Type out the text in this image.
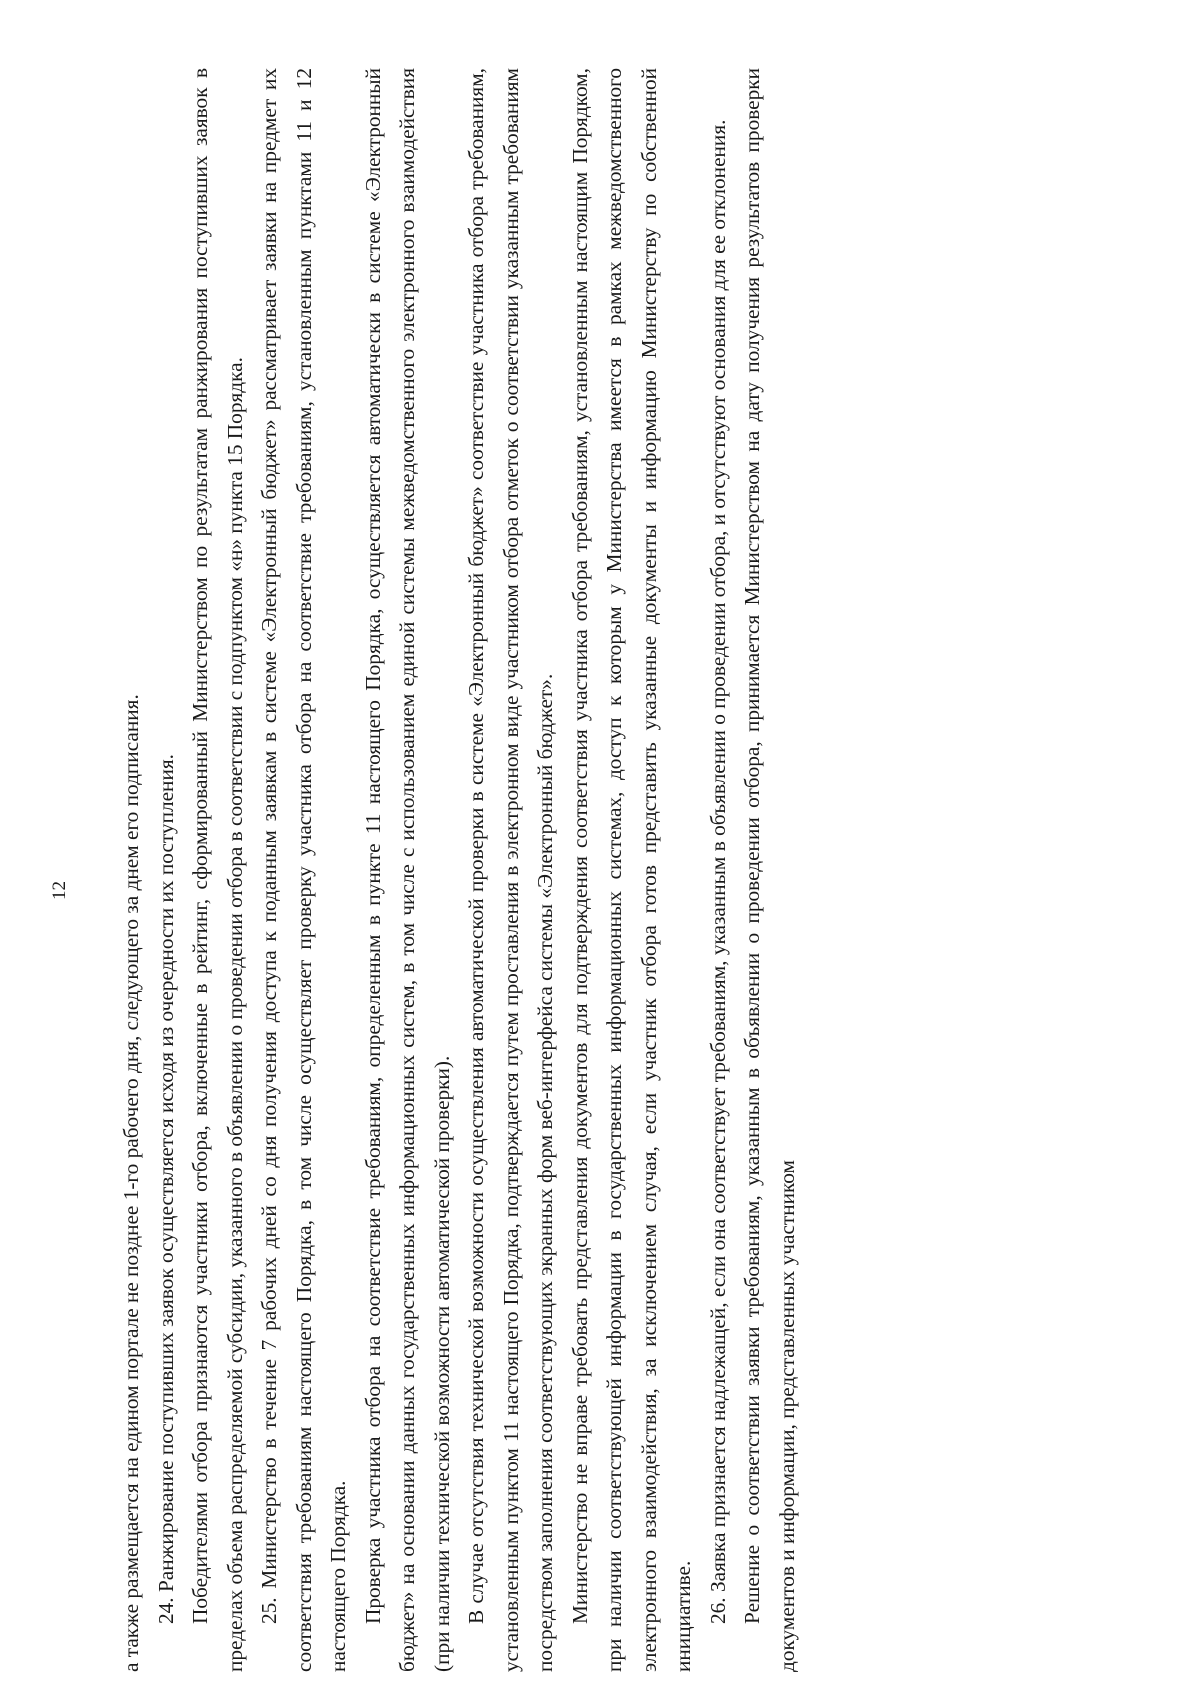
12 а также размещается на едином портале не позднее 1-го рабочего дня, следующего за днем его подписания. 24. Ранжирование поступивших заявок осуществляется исходя из очередности их поступления. Победителями отбора признаются участники отбора, включенные в рейтинг, сформированный Министерством по результатам ранжирования поступивших заявок в пределах объема распределяемой субсидии, указанного в объявлении о проведении отбора в соответствии с подпунктом «н» пункта 15 Порядка. 25. Министерство в течение 7 рабочих дней со дня получения доступа к поданным заявкам в системе «Электронный бюджет» рассматривает заявки на предмет их соответствия требованиям настоящего Порядка, в том числе осуществляет проверку участника отбора на соответствие требованиям, установленным пунктами 11 и 12 настоящего Порядка. Проверка участника отбора на соответствие требованиям, определенным в пункте 11 настоящего Порядка, осуществляется автоматически в системе «Электронный бюджет» на основании данных государственных информационных систем, в том числе с использованием единой системы межведомственного электронного взаимодействия (при наличии технической возможности автоматической проверки). В случае отсутствия технической возможности осуществления автоматической проверки в системе «Электронный бюджет» соответствие участника отбора требованиям, установленным пунктом 11 настоящего Порядка, подтверждается путем проставления в электронном виде участником отбора отметок о соответствии указанным требованиям посредством заполнения соответствующих экранных форм веб-интерфейса системы «Электронный бюджет». Министерство не вправе требовать представления документов для подтверждения соответствия участника отбора требованиям, установленным настоящим Порядком, при наличии соответствующей информации в государственных информационных системах, доступ к которым у Министерства имеется в рамках межведомственного электронного взаимодействия, за исключением случая, если участник отбора готов представить указанные документы и информацию Министерству по собственной инициативе. 26. Заявка признается надлежащей, если она соответствует требованиям, указанным в объявлении о проведении отбора, и отсутствуют основания для ее отклонения. Решение о соответствии заявки требованиям, указанным в объявлении о проведении отбора, принимается Министерством на дату получения результатов проверки документов и информации, представленных участником
